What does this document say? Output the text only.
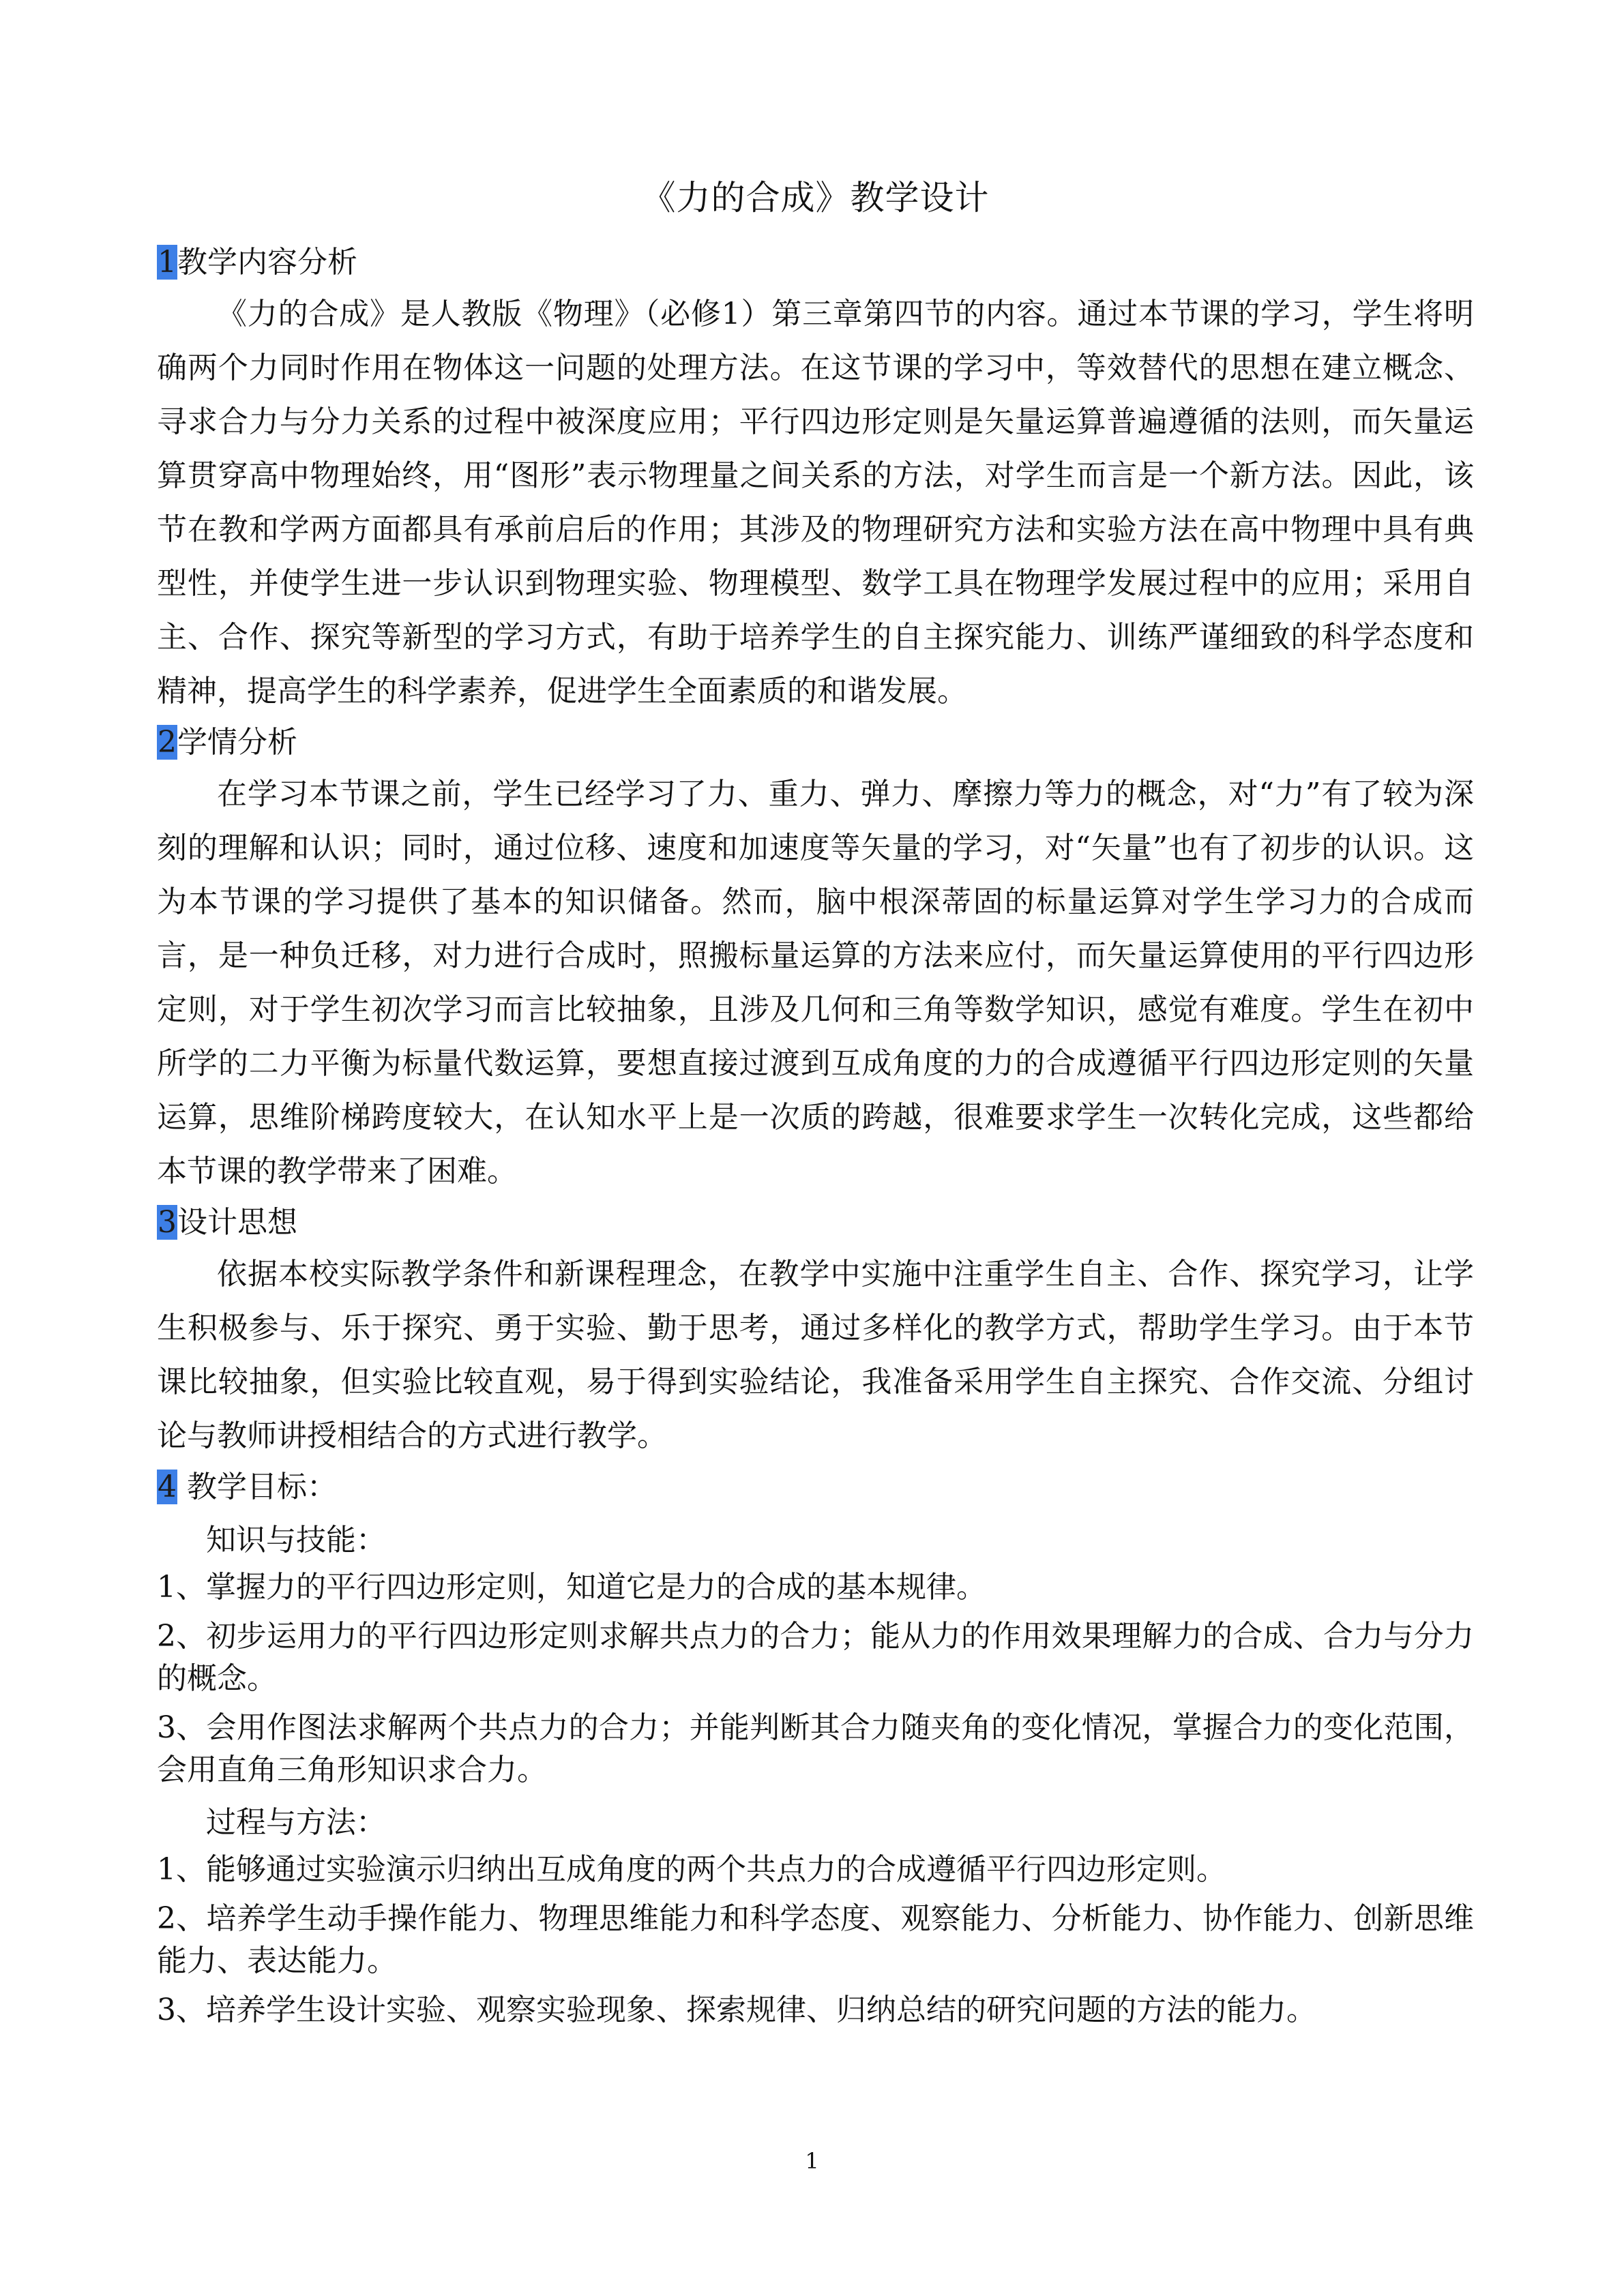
《力的合成》教学设计
1教学内容分析

《力的合成》是人教版《物理》（必修1）第三章第四节的内容。通过本节课的学习，学生将明确两个力同时作用在物体这一问题的处理方法。在这节课的学习中，等效替代的思想在建立概念、寻求合力与分力关系的过程中被深度应用；平行四边形定则是矢量运算普遍遵循的法则，而矢量运算贯穿高中物理始终，用“图形”表示物理量之间关系的方法，对学生而言是一个新方法。因此，该节在教和学两方面都具有承前启后的作用；其涉及的物理研究方法和实验方法在高中物理中具有典型性，并使学生进一步认识到物理实验、物理模型、数学工具在物理学发展过程中的应用；采用自主、合作、探究等新型的学习方式，有助于培养学生的自主探究能力、训练严谨细致的科学态度和精神，提高学生的科学素养，促进学生全面素质的和谐发展。

2学情分析

在学习本节课之前，学生已经学习了力、重力、弹力、摩擦力等力的概念，对“力”有了较为深刻的理解和认识；同时，通过位移、速度和加速度等矢量的学习，对“矢量”也有了初步的认识。这为本节课的学习提供了基本的知识储备。然而，脑中根深蒂固的标量运算对学生学习力的合成而言，是一种负迁移，对力进行合成时，照搬标量运算的方法来应付，而矢量运算使用的平行四边形定则，对于学生初次学习而言比较抽象，且涉及几何和三角等数学知识，感觉有难度。学生在初中所学的二力平衡为标量代数运算，要想直接过渡到互成角度的力的合成遵循平行四边形定则的矢量运算，思维阶梯跨度较大，在认知水平上是一次质的跨越，很难要求学生一次转化完成，这些都给本节课的教学带来了困难。

3设计思想

依据本校实际教学条件和新课程理念，在教学中实施中注重学生自主、合作、探究学习，让学生积极参与、乐于探究、勇于实验、勤于思考，通过多样化的教学方式，帮助学生学习。由于本节课比较抽象，但实验比较直观，易于得到实验结论，我准备采用学生自主探究、合作交流、分组讨论与教师讲授相结合的方式进行教学。

4 教学目标：
知识与技能：

1、掌握力的平行四边形定则，知道它是力的合成的基本规律。

2、初步运用力的平行四边形定则求解共点力的合力；能从力的作用效果理解力的合成、合力与分力的概念。

3、会用作图法求解两个共点力的合力；并能判断其合力随夹角的变化情况，掌握合力的变化范围，会用直角三角形知识求合力。

过程与方法：

1、能够通过实验演示归纳出互成角度的两个共点力的合成遵循平行四边形定则。

2、培养学生动手操作能力、物理思维能力和科学态度、观察能力、分析能力、协作能力、创新思维能力、表达能力。

3、培养学生设计实验、观察实验现象、探索规律、归纳总结的研究问题的方法的能力。

1
